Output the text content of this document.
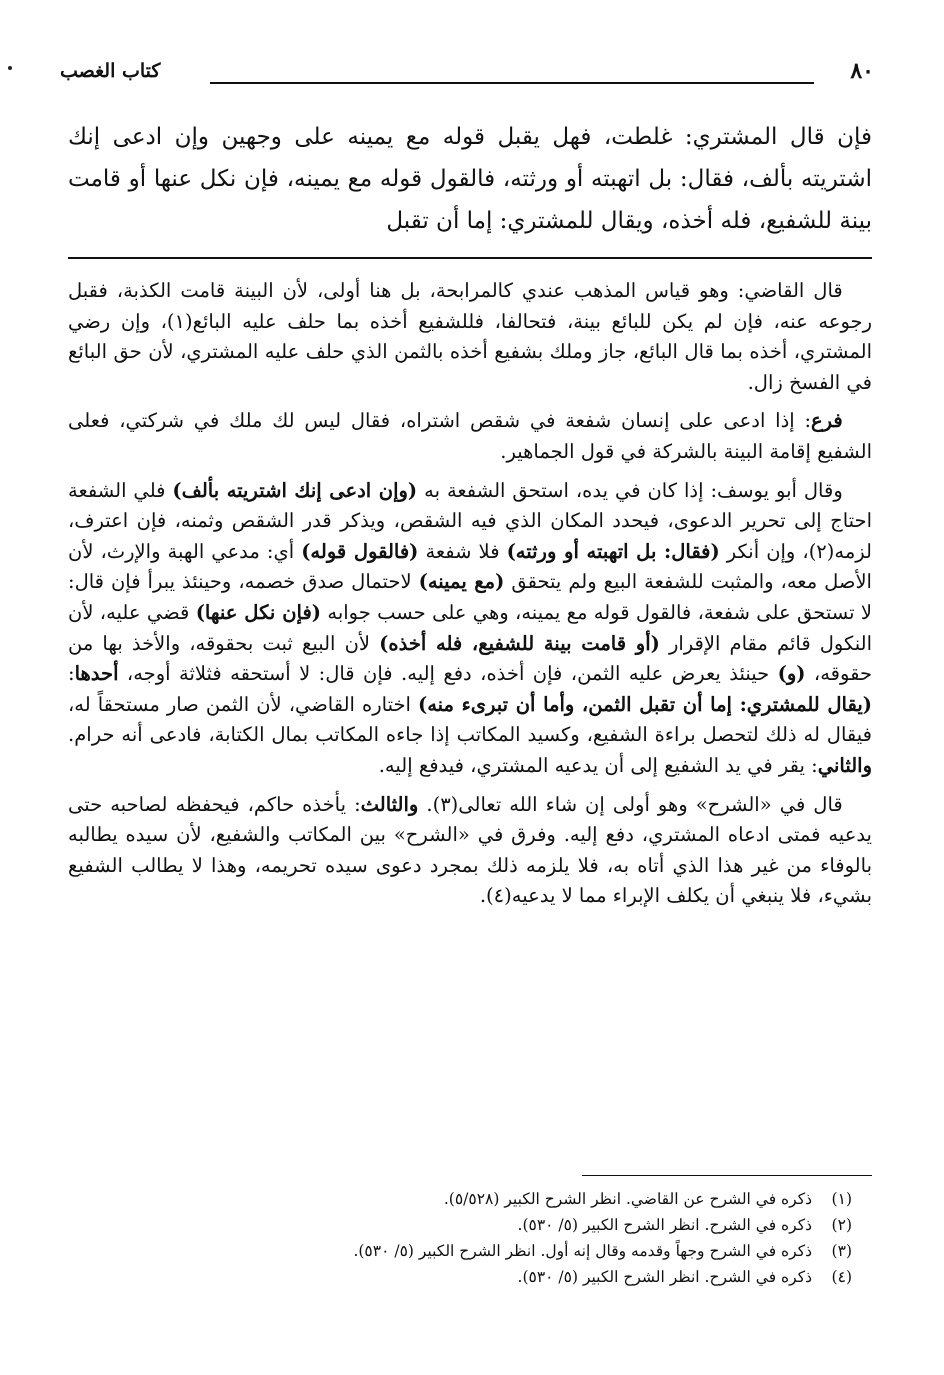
٨٠
كتاب الغصب

فإن قال المشتري: غلطت، فهل يقبل قوله مع يمينه على وجهين وإن ادعى إنك اشتريته بألف، فقال: بل اتهبته أو ورثته، فالقول قوله مع يمينه، فإن نكل عنها أو قامت بينة للشفيع، فله أخذه، ويقال للمشتري: إما أن تقبل

قال القاضي: وهو قياس المذهب عندي كالمرابحة، بل هنا أولى، لأن البينة قامت الكذبة، فقبل رجوعه عنه، فإن لم يكن للبائع بينة، فتحالفا، فللشفيع أخذه بما حلف عليه البائع(١)، وإن رضي المشتري، أخذه بما قال البائع، جاز وملك بشفيع أخذه بالثمن الذي حلف عليه المشتري، لأن حق البائع في الفسخ زال.

فرع: إذا ادعى على إنسان شفعة في شقص اشتراه، فقال ليس لك ملك في شركتي، فعلى الشفيع إقامة البينة بالشركة في قول الجماهير.

وقال أبو يوسف: إذا كان في يده، استحق الشفعة به (وإن ادعى إنك اشتريته بألف) فلي الشفعة احتاج إلى تحرير الدعوى، فيحدد المكان الذي فيه الشقص، ويذكر قدر الشقص وثمنه، فإن اعترف، لزمه(٢)، وإن أنكر (فقال: بل اتهبته أو ورثته) فلا شفعة (فالقول قوله) أي: مدعي الهبة والإرث، لأن الأصل معه، والمثبت للشفعة البيع ولم يتحقق (مع يمينه) لاحتمال صدق خصمه، وحينئذ يبرأ فإن قال: لا تستحق على شفعة، فالقول قوله مع يمينه، وهي على حسب جوابه (فإن نكل عنها) قضي عليه، لأن النكول قائم مقام الإقرار (أو قامت بينة للشفيع، فله أخذه) لأن البيع ثبت بحقوقه، والأخذ بها من حقوقه، (و) حينئذ يعرض عليه الثمن، فإن أخذه، دفع إليه. فإن قال: لا أستحقه فثلاثة أوجه، أحدها: (يقال للمشتري: إما أن تقبل الثمن، وأما أن تبرىء منه) اختاره القاضي، لأن الثمن صار مستحقاً له، فيقال له ذلك لتحصل براءة الشفيع، وكسيد المكاتب إذا جاءه المكاتب بمال الكتابة، فادعى أنه حرام. والثاني: يقر في يد الشفيع إلى أن يدعيه المشتري، فيدفع إليه.

قال في «الشرح» وهو أولى إن شاء الله تعالى(٣). والثالث: يأخذه حاكم، فيحفظه لصاحبه حتى يدعيه فمتى ادعاه المشتري، دفع إليه. وفرق في «الشرح» بين المكاتب والشفيع، لأن سيده يطالبه بالوفاء من غير هذا الذي أتاه به، فلا يلزمه ذلك بمجرد دعوى سيده تحريمه، وهذا لا يطالب الشفيع بشيء، فلا ينبغي أن يكلف الإبراء مما لا يدعيه(٤).

(١)ذكره في الشرح عن القاضي. انظر الشرح الكبير (٥/٥٢٨).

(٢)ذكره في الشرح. انظر الشرح الكبير (٥/ ٥٣٠).

(٣)ذكره في الشرح وجهاً وقدمه وقال إنه أول. انظر الشرح الكبير (٥/ ٥٣٠).

(٤)ذكره في الشرح. انظر الشرح الكبير (٥/ ٥٣٠).
